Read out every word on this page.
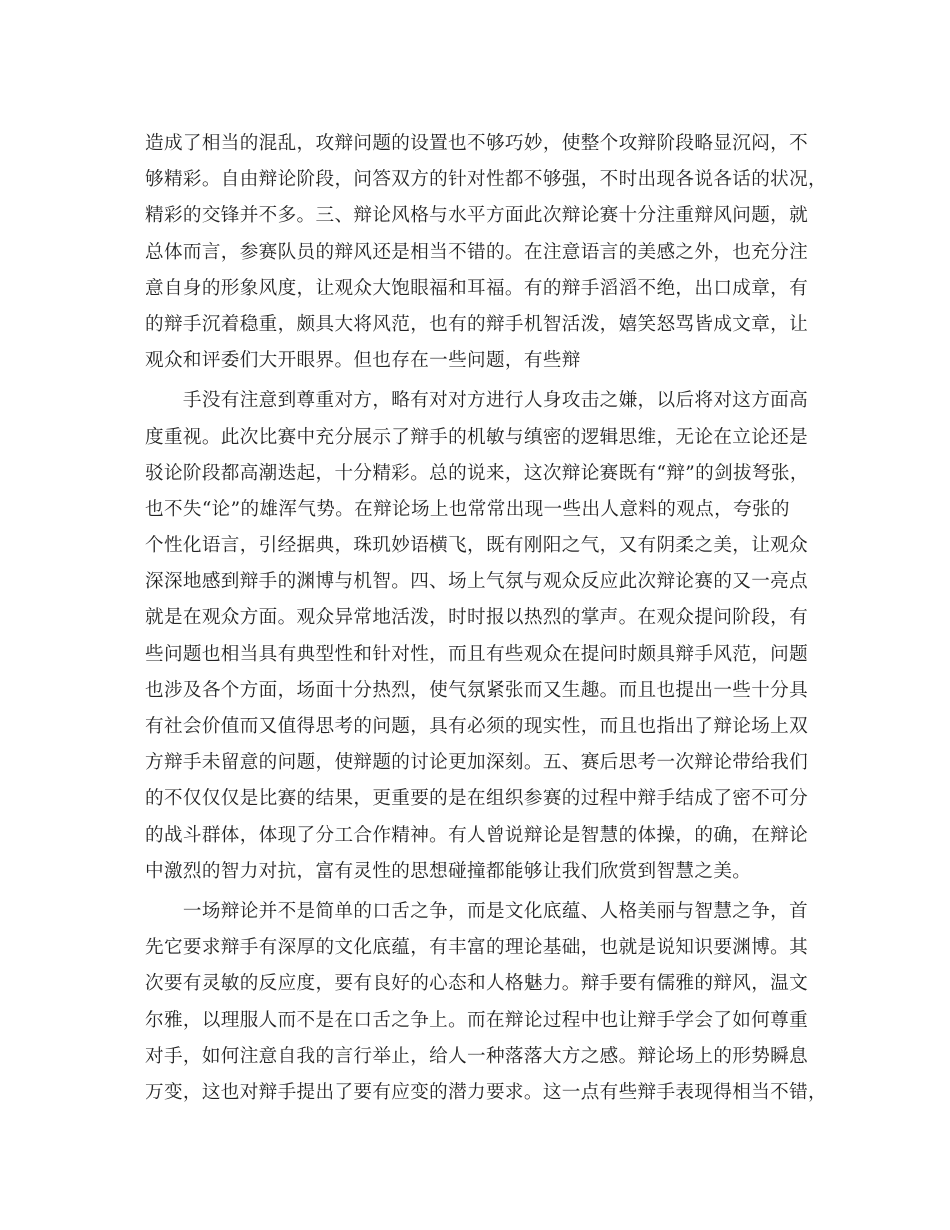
造成了相当的混乱，攻辩问题的设置也不够巧妙，使整个攻辩阶段略显沉闷，不
够精彩。自由辩论阶段，问答双方的针对性都不够强，不时出现各说各话的状况，
精彩的交锋并不多。三、辩论风格与水平方面此次辩论赛十分注重辩风问题，就
总体而言，参赛队员的辩风还是相当不错的。在注意语言的美感之外，也充分注
意自身的形象风度，让观众大饱眼福和耳福。有的辩手滔滔不绝，出口成章，有
的辩手沉着稳重，颇具大将风范，也有的辩手机智活泼，嬉笑怒骂皆成文章，让
观众和评委们大开眼界。但也存在一些问题，有些辩
　　手没有注意到尊重对方，略有对对方进行人身攻击之嫌，以后将对这方面高
度重视。此次比赛中充分展示了辩手的机敏与缜密的逻辑思维，无论在立论还是
驳论阶段都高潮迭起，十分精彩。总的说来，这次辩论赛既有“辩”的剑拔弩张，
也不失“论”的雄浑气势。在辩论场上也常常出现一些出人意料的观点，夸张的
个性化语言，引经据典，珠玑妙语横飞，既有刚阳之气，又有阴柔之美，让观众
深深地感到辩手的渊博与机智。四、场上气氛与观众反应此次辩论赛的又一亮点
就是在观众方面。观众异常地活泼，时时报以热烈的掌声。在观众提问阶段，有
些问题也相当具有典型性和针对性，而且有些观众在提问时颇具辩手风范，问题
也涉及各个方面，场面十分热烈，使气氛紧张而又生趣。而且也提出一些十分具
有社会价值而又值得思考的问题，具有必须的现实性，而且也指出了辩论场上双
方辩手未留意的问题，使辩题的讨论更加深刻。五、赛后思考一次辩论带给我们
的不仅仅仅是比赛的结果，更重要的是在组织参赛的过程中辩手结成了密不可分
的战斗群体，体现了分工合作精神。有人曾说辩论是智慧的体操，的确，在辩论
中激烈的智力对抗，富有灵性的思想碰撞都能够让我们欣赏到智慧之美。
　　一场辩论并不是简单的口舌之争，而是文化底蕴、人格美丽与智慧之争，首
先它要求辩手有深厚的文化底蕴，有丰富的理论基础，也就是说知识要渊博。其
次要有灵敏的反应度，要有良好的心态和人格魅力。辩手要有儒雅的辩风，温文
尔雅，以理服人而不是在口舌之争上。而在辩论过程中也让辩手学会了如何尊重
对手，如何注意自我的言行举止，给人一种落落大方之感。辩论场上的形势瞬息
万变，这也对辩手提出了要有应变的潜力要求。这一点有些辩手表现得相当不错，
